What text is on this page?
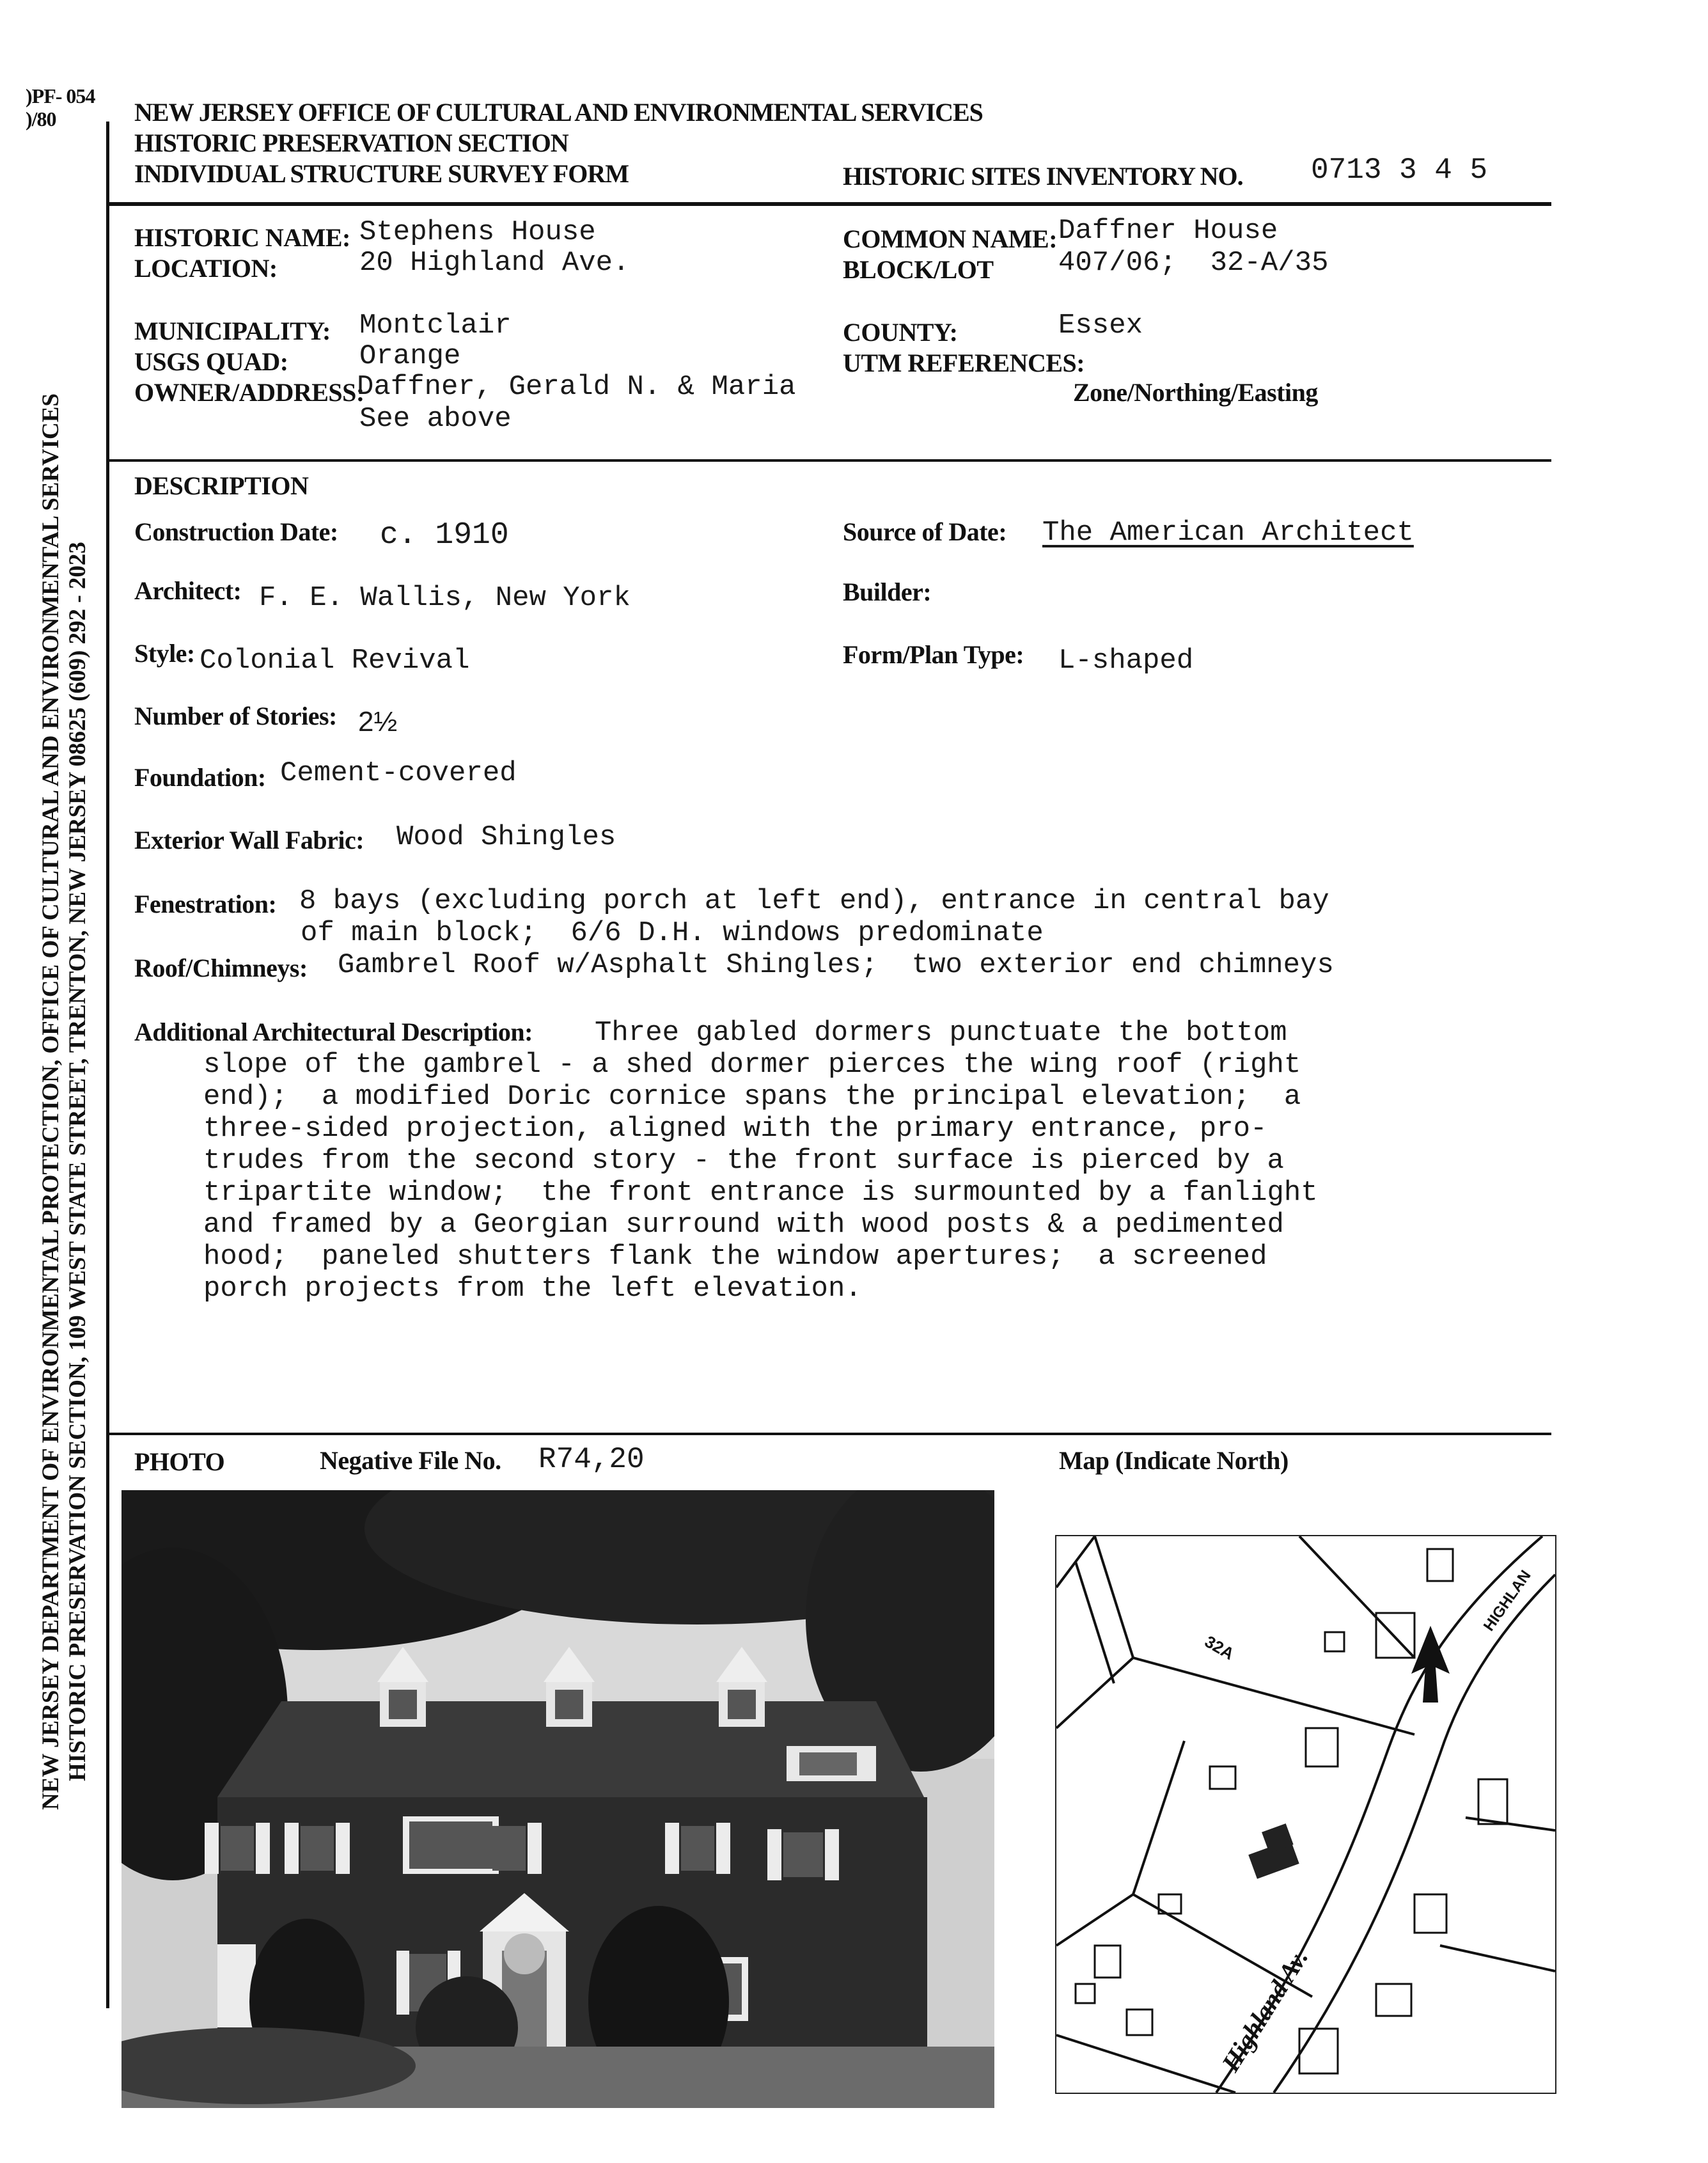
)PF- 054
)/80
NEW JERSEY DEPARTMENT OF ENVIRONMENTAL PROTECTION, OFFICE OF CULTURAL AND ENVIRONMENTAL SERVICES HISTORIC PRESERVATION SECTION, 109 WEST STATE STREET, TRENTON, NEW JERSEY 08625 (609) 292 - 2023
NEW JERSEY OFFICE OF CULTURAL AND ENVIRONMENTAL SERVICES
HISTORIC PRESERVATION SECTION
INDIVIDUAL STRUCTURE SURVEY FORM	HISTORIC SITES INVENTORY NO. 0713 3 4 5
HISTORIC NAME: Stephens House
LOCATION:	20 Highland Ave.
COMMON NAME: Daffner House
BLOCK/LOT 407/06;  32-A/35
MUNICIPALITY: Montclair
USGS QUAD:	Orange
OWNER/ADDRESS:
Daffner, Gerald N. & Maria
See above
COUNTY:	Essex
UTM REFERENCES:
Zone/Northing/Easting
DESCRIPTION
Construction Date: c. 1910	Source of Date: The American Architect
Architect: F. E. Wallis, New York	Builder:
Style: Colonial Revival	Form/Plan Type: L-shaped
Number of Stories: 2½
Foundation: Cement-covered
Exterior Wall Fabric: Wood Shingles
Fenestration: 8 bays (excluding porch at left end), entrance in central bay
of main block;  6/6 D.H. windows predominate
Roof/Chimneys: Gambrel Roof w/Asphalt Shingles;  two exterior end chimneys
Additional Architectural Description: Three gabled dormers punctuate the bottom
slope of the gambrel - a shed dormer pierces the wing roof (right
end);  a modified Doric cornice spans the principal elevation;  a
three-sided projection, aligned with the primary entrance, pro-
trudes from the second story - the front surface is pierced by a
tripartite window;  the front entrance is surmounted by a fanlight
and framed by a Georgian surround with wood posts & a pedimented
hood;  paneled shutters flank the window apertures;  a screened
porch projects from the left elevation.
PHOTO	Negative File No. R74,20	Map (Indicate North)
32A
HIGHLAN
Highland Av.
